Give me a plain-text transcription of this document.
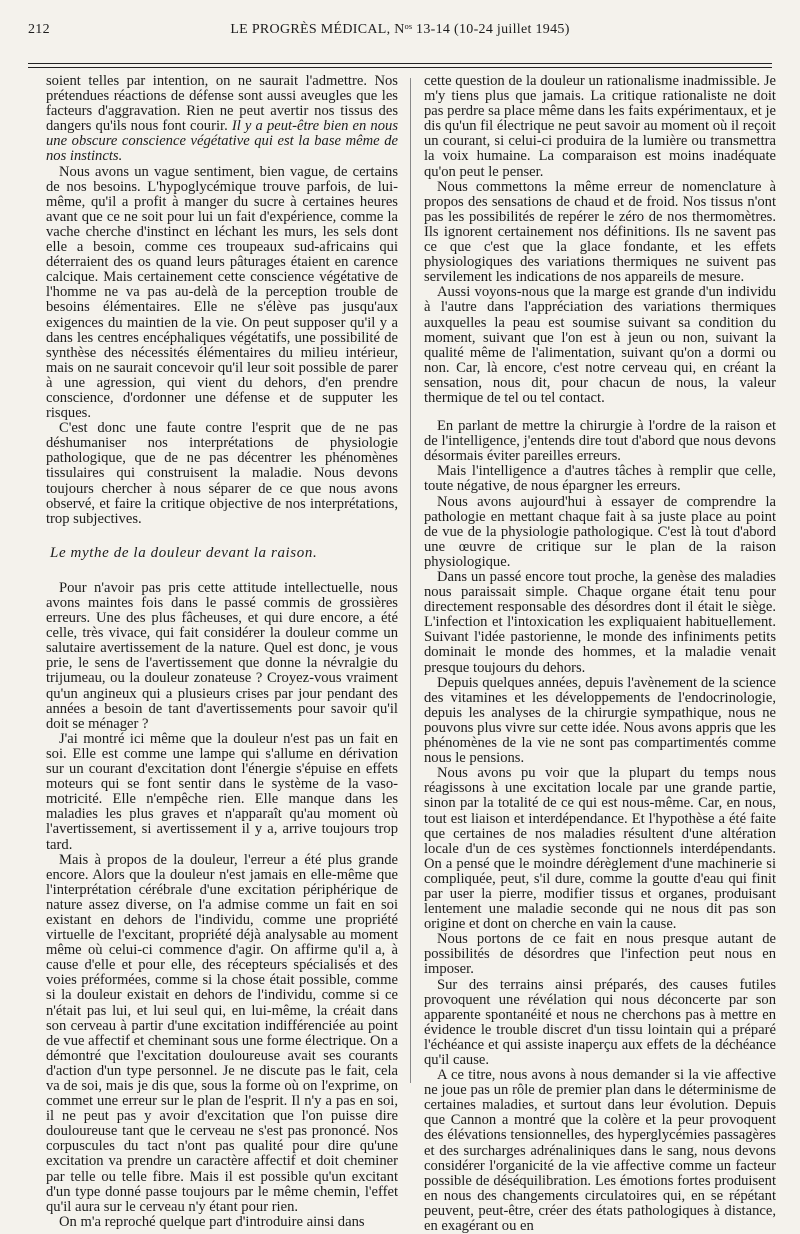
212	LE PROGRÈS MÉDICAL, Nᵒˢ 13-14 (10-24 juillet 1945)

soient telles par intention, on ne saurait l'admettre. Nos prétendues réactions de défense sont aussi aveugles que les facteurs d'aggravation. Rien ne peut avertir nos tissus des dangers qu'ils nous font courir. Il y a peut-être bien en nous une obscure conscience végétative qui est la base même de nos instincts.

Nous avons un vague sentiment, bien vague, de certains de nos besoins. L'hypoglycémique trouve parfois, de lui-même, qu'il a profit à manger du sucre à certaines heures avant que ce ne soit pour lui un fait d'expérience, comme la vache cherche d'instinct en léchant les murs, les sels dont elle a besoin, comme ces troupeaux sud-africains qui déterraient des os quand leurs pâturages étaient en carence calcique. Mais certainement cette conscience végétative de l'homme ne va pas au-delà de la perception trouble de besoins élémentaires. Elle ne s'élève pas jusqu'aux exigences du maintien de la vie. On peut supposer qu'il y a dans les centres encéphaliques végétatifs, une possibilité de synthèse des nécessités élémentaires du milieu intérieur, mais on ne saurait concevoir qu'il leur soit possible de parer à une agression, qui vient du dehors, d'en prendre conscience, d'ordonner une défense et de supputer les risques.

C'est donc une faute contre l'esprit que de ne pas déshumaniser nos interprétations de physiologie pathologique, que de ne pas décentrer les phénomènes tissulaires qui construisent la maladie. Nous devons toujours chercher à nous séparer de ce que nous avons observé, et faire la critique objective de nos interprétations, trop subjectives.

Le mythe de la douleur devant la raison.

Pour n'avoir pas pris cette attitude intellectuelle, nous avons maintes fois dans le passé commis de grossières erreurs. Une des plus fâcheuses, et qui dure encore, a été celle, très vivace, qui fait considérer la douleur comme un salutaire avertissement de la nature. Quel est donc, je vous prie, le sens de l'avertissement que donne la névralgie du trijumeau, ou la douleur zonateuse ? Croyez-vous vraiment qu'un angineux qui a plusieurs crises par jour pendant des années a besoin de tant d'avertissements pour savoir qu'il doit se ménager ?

J'ai montré ici même que la douleur n'est pas un fait en soi. Elle est comme une lampe qui s'allume en dérivation sur un courant d'excitation dont l'énergie s'épuise en effets moteurs qui se font sentir dans le système de la vaso-motricité. Elle n'empêche rien. Elle manque dans les maladies les plus graves et n'apparaît qu'au moment où l'avertissement, si avertissement il y a, arrive toujours trop tard.

Mais à propos de la douleur, l'erreur a été plus grande encore. Alors que la douleur n'est jamais en elle-même que l'interprétation cérébrale d'une excitation périphérique de nature assez diverse, on l'a admise comme un fait en soi existant en dehors de l'individu, comme une propriété virtuelle de l'excitant, propriété déjà analysable au moment même où celui-ci commence d'agir. On affirme qu'il a, à cause d'elle et pour elle, des récepteurs spécialisés et des voies préformées, comme si la chose était possible, comme si la douleur existait en dehors de l'individu, comme si ce n'était pas lui, et lui seul qui, en lui-même, la créait dans son cerveau à partir d'une excitation indifférenciée au point de vue affectif et cheminant sous une forme électrique. On a démontré que l'excitation douloureuse avait ses courants d'action d'un type personnel. Je ne discute pas le fait, cela va de soi, mais je dis que, sous la forme où on l'exprime, on commet une erreur sur le plan de l'esprit. Il n'y a pas en soi, il ne peut pas y avoir d'excitation que l'on puisse dire douloureuse tant que le cerveau ne s'est pas prononcé. Nos corpuscules du tact n'ont pas qualité pour dire qu'une excitation va prendre un caractère affectif et doit cheminer par telle ou telle fibre. Mais il est possible qu'un excitant d'un type donné passe toujours par le même chemin, l'effet qu'il aura sur le cerveau n'y étant pour rien.

On m'a reproché quelque part d'introduire ainsi dans

cette question de la douleur un rationalisme inadmissible. Je m'y tiens plus que jamais. La critique rationaliste ne doit pas perdre sa place même dans les faits expérimentaux, et je dis qu'un fil électrique ne peut savoir au moment où il reçoit un courant, si celui-ci produira de la lumière ou transmettra la voix humaine. La comparaison est moins inadéquate qu'on peut le penser.

Nous commettons la même erreur de nomenclature à propos des sensations de chaud et de froid. Nos tissus n'ont pas les possibilités de repérer le zéro de nos thermomètres. Ils ignorent certainement nos définitions. Ils ne savent pas ce que c'est que la glace fondante, et les effets physiologiques des variations thermiques ne suivent pas servilement les indications de nos appareils de mesure.

Aussi voyons-nous que la marge est grande d'un individu à l'autre dans l'appréciation des variations thermiques auxquelles la peau est soumise suivant sa condition du moment, suivant que l'on est à jeun ou non, suivant la qualité même de l'alimentation, suivant qu'on a dormi ou non. Car, là encore, c'est notre cerveau qui, en créant la sensation, nous dit, pour chacun de nous, la valeur thermique de tel ou tel contact.

En parlant de mettre la chirurgie à l'ordre de la raison et de l'intelligence, j'entends dire tout d'abord que nous devons désormais éviter pareilles erreurs.

Mais l'intelligence a d'autres tâches à remplir que celle, toute négative, de nous épargner les erreurs.

Nous avons aujourd'hui à essayer de comprendre la pathologie en mettant chaque fait à sa juste place au point de vue de la physiologie pathologique. C'est là tout d'abord une œuvre de critique sur le plan de la raison physiologique.

Dans un passé encore tout proche, la genèse des maladies nous paraissait simple. Chaque organe était tenu pour directement responsable des désordres dont il était le siège. L'infection et l'intoxication les expliquaient habituellement. Suivant l'idée pastorienne, le monde des infiniments petits dominait le monde des hommes, et la maladie venait presque toujours du dehors.

Depuis quelques années, depuis l'avènement de la science des vitamines et les développements de l'endocrinologie, depuis les analyses de la chirurgie sympathique, nous ne pouvons plus vivre sur cette idée. Nous avons appris que les phénomènes de la vie ne sont pas compartimentés comme nous le pensions.

Nous avons pu voir que la plupart du temps nous réagissons à une excitation locale par une grande partie, sinon par la totalité de ce qui est nous-même. Car, en nous, tout est liaison et interdépendance. Et l'hypothèse a été faite que certaines de nos maladies résultent d'une altération locale d'un de ces systèmes fonctionnels interdépendants. On a pensé que le moindre dérèglement d'une machinerie si compliquée, peut, s'il dure, comme la goutte d'eau qui finit par user la pierre, modifier tissus et organes, produisant lentement une maladie seconde qui ne nous dit pas son origine et dont on cherche en vain la cause.

Nous portons de ce fait en nous presque autant de possibilités de désordres que l'infection peut nous en imposer.

Sur des terrains ainsi préparés, des causes futiles provoquent une révélation qui nous déconcerte par son apparente spontanéité et nous ne cherchons pas à mettre en évidence le trouble discret d'un tissu lointain qui a préparé l'échéance et qui assiste inaperçu aux effets de la déchéance qu'il cause.

A ce titre, nous avons à nous demander si la vie affective ne joue pas un rôle de premier plan dans le déterminisme de certaines maladies, et surtout dans leur évolution. Depuis que Cannon a montré que la colère et la peur provoquent des élévations tensionnelles, des hyperglycémies passagères et des surcharges adrénaliniques dans le sang, nous devons considérer l'organicité de la vie affective comme un facteur possible de déséquilibration. Les émotions fortes produisent en nous des changements circulatoires qui, en se répétant peuvent, peut-être, créer des états pathologiques à distance, en exagérant ou en
